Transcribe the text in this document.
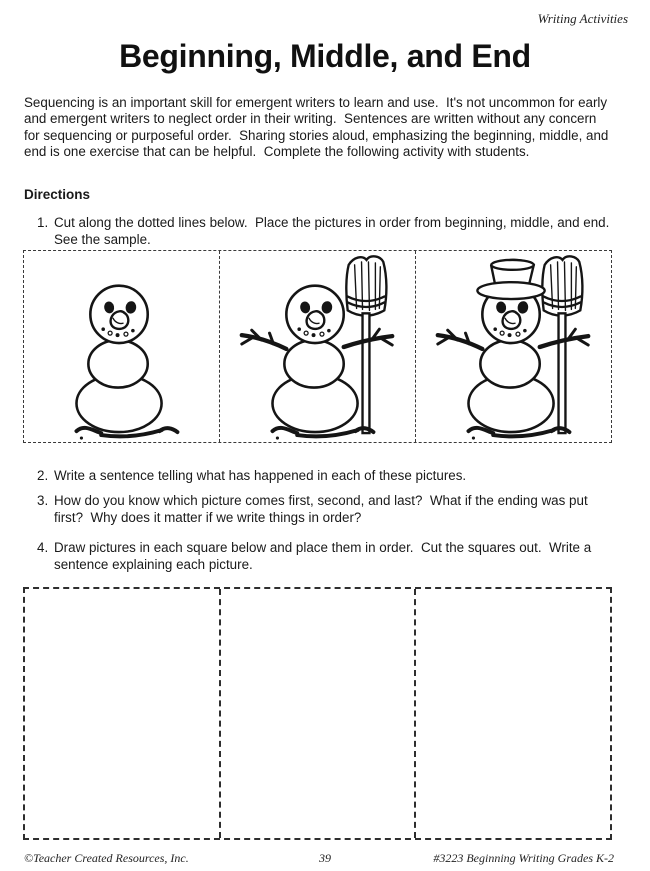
Writing Activities
Beginning, Middle, and End

Sequencing is an important skill for emergent writers to learn and use.  It's not uncommon for early and emergent writers to neglect order in their writing.  Sentences are written without any concern for sequencing or purposeful order.  Sharing stories aloud, emphasizing the beginning, middle, and end is one exercise that can be helpful.  Complete the following activity with students.

Directions
1. Cut along the dotted lines below.  Place the pictures in order from beginning, middle, and end.  See the sample.
2. Write a sentence telling what has happened in each of these pictures.
3. How do you know which picture comes first, second, and last?  What if the ending was put first?  Why does it matter if we write things in order?
4. Draw pictures in each square below and place them in order.  Cut the squares out.  Write a sentence explaining each picture.
©Teacher Created Resources, Inc.	39	#3223 Beginning Writing Grades K-2
